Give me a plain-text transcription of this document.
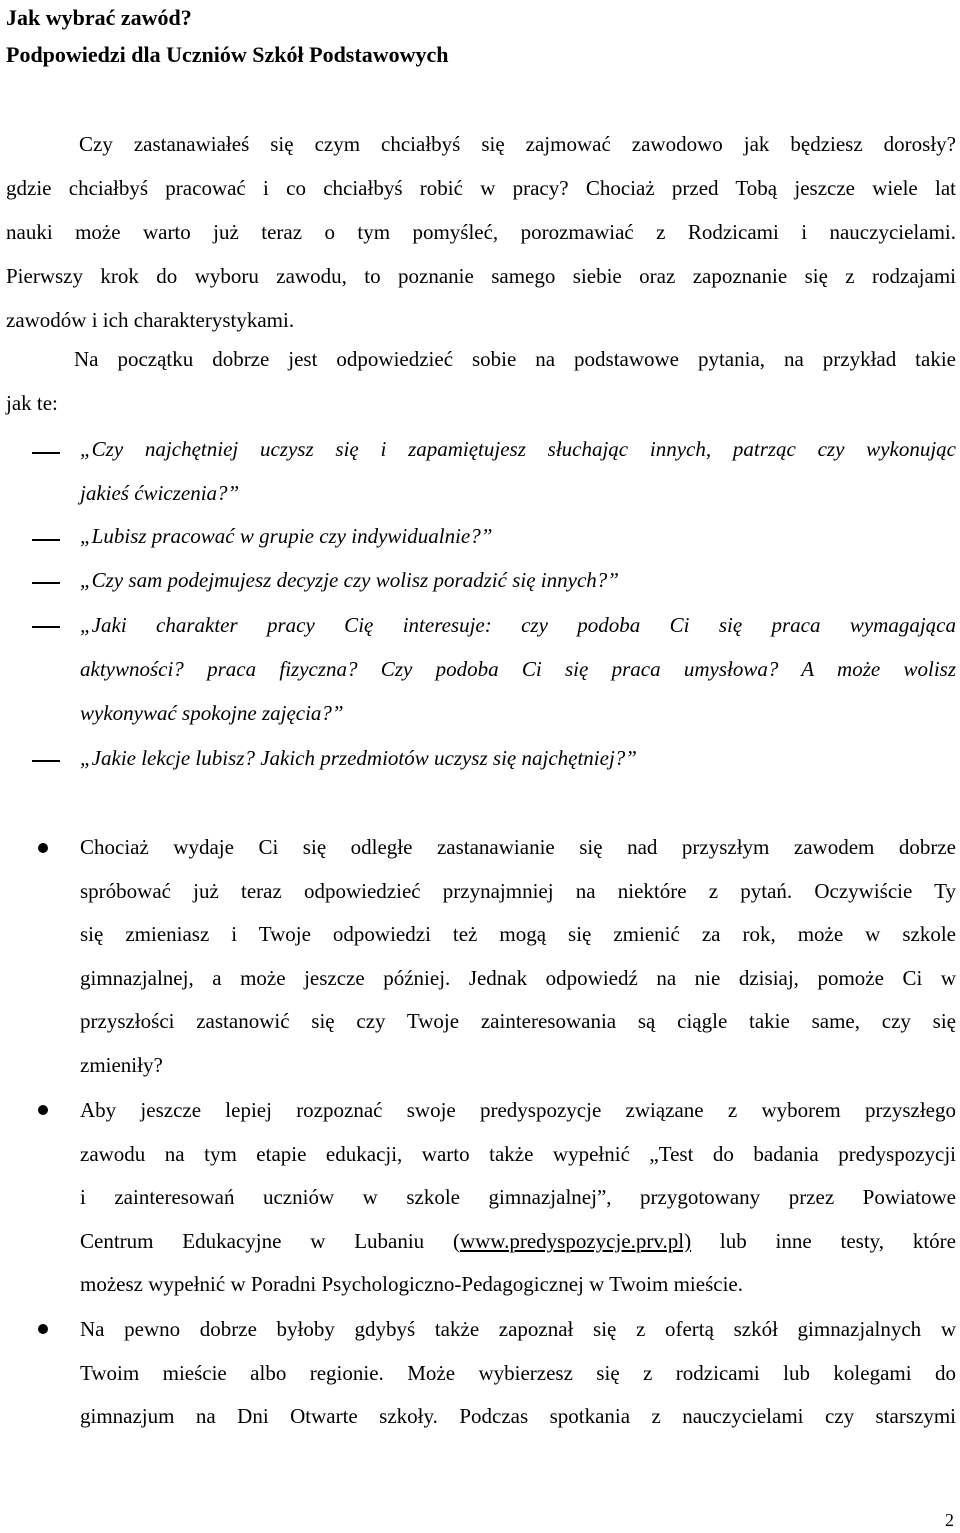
Jak wybrać zawód?
Podpowiedzi dla Uczniów Szkół Podstawowych

Czy zastanawiałeś się czym chciałbyś się zajmować zawodowo jak będziesz dorosły?
gdzie chciałbyś pracować i co chciałbyś robić w pracy? Chociaż przed Tobą jeszcze wiele lat
nauki może warto już teraz o tym pomyśleć, porozmawiać z Rodzicami i nauczycielami.
Pierwszy krok do wyboru zawodu, to poznanie samego siebie oraz zapoznanie się z rodzajami
zawodów i ich charakterystykami.

Na początku dobrze jest odpowiedzieć sobie na podstawowe pytania, na przykład takie
jak te:

„Czy najchętniej uczysz się i zapamiętujesz słuchając innych, patrząc czy wykonując
jakieś ćwiczenia?”

„Lubisz pracować w grupie czy indywidualnie?”

„Czy sam podejmujesz decyzje czy wolisz poradzić się innych?”

„Jaki charakter pracy Cię interesuje: czy podoba Ci się praca wymagająca
aktywności? praca fizyczna? Czy podoba Ci się praca umysłowa? A może wolisz
wykonywać spokojne zajęcia?”

„Jakie lekcje lubisz? Jakich przedmiotów uczysz się najchętniej?”

Chociaż wydaje Ci się odległe zastanawianie się nad przyszłym zawodem dobrze
spróbować już teraz odpowiedzieć przynajmniej na niektóre z pytań. Oczywiście Ty
się zmieniasz i Twoje odpowiedzi też mogą się zmienić za rok, może w szkole
gimnazjalnej, a może jeszcze później. Jednak odpowiedź na nie dzisiaj, pomoże Ci w
przyszłości zastanowić się czy Twoje zainteresowania są ciągle takie same, czy się
zmieniły?

Aby jeszcze lepiej rozpoznać swoje predyspozycje związane z wyborem przyszłego
zawodu na tym etapie edukacji, warto także wypełnić „Test do badania predyspozycji
i zainteresowań uczniów w szkole gimnazjalnej”, przygotowany przez Powiatowe
Centrum Edukacyjne w Lubaniu (www.predyspozycje.prv.pl) lub inne testy, które
możesz wypełnić w Poradni Psychologiczno-Pedagogicznej w Twoim mieście.

Na pewno dobrze byłoby gdybyś także zapoznał się z ofertą szkół gimnazjalnych w
Twoim mieście albo regionie. Może wybierzesz się z rodzicami lub kolegami do
gimnazjum na Dni Otwarte szkoły. Podczas spotkania z nauczycielami czy starszymi

2
